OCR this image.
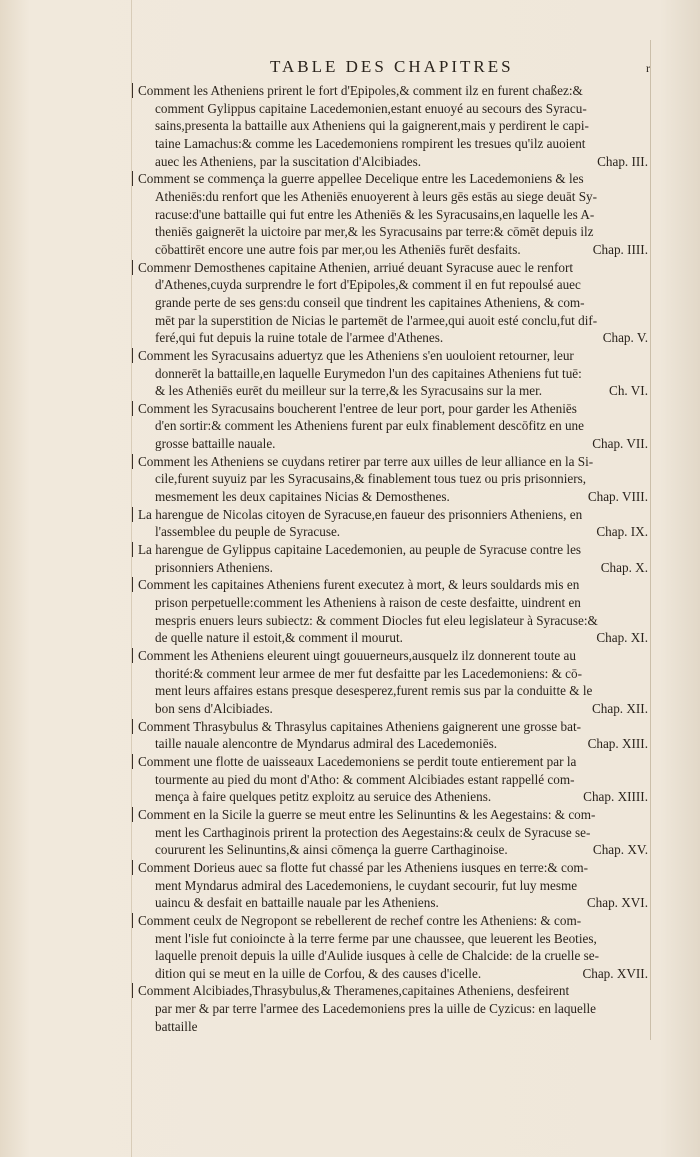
TABLE DES CHAPITRES	r
Comment les Atheniens prirent le fort d'Epipoles,& comment ilz en furent chaßez:&
comment Gylippus capitaine Lacedemonien,estant enuoyé au secours des Syracu-
sains,presenta la battaille aux Atheniens qui la gaignerent,mais y perdirent le capi-
taine Lamachus:& comme les Lacedemoniens rompirent les tresues qu'ilz auoient
auec les Atheniens, par la suscitation d'Alcibiades.	Chap. III.
Comment se commença la guerre appellee Decelique entre les Lacedemoniens & les
Atheniēs:du renfort que les Atheniēs enuoyerent à leurs gēs estās au siege deuāt Sy-
racuse:d'une battaille qui fut entre les Atheniēs & les Syracusains,en laquelle les A-
theniēs gaignerēt la uictoire par mer,& les Syracusains par terre:& cōmēt depuis ilz
cōbattirēt encore une autre fois par mer,ou les Atheniēs furēt desfaits.	Chap. IIII.
Commenr Demosthenes capitaine Athenien, arriué deuant Syracuse auec le renfort
d'Athenes,cuyda surprendre le fort d'Epipoles,& comment il en fut repoulsé auec
grande perte de ses gens:du conseil que tindrent les capitaines Atheniens, & com-
mēt par la superstition de Nicias le partemēt de l'armee,qui auoit esté conclu,fut dif-
feré,qui fut depuis la ruine totale de l'armee d'Athenes.	Chap. V.
Comment les Syracusains aduertyz que les Atheniens s'en uouloient retourner, leur
donnerēt la battaille,en laquelle Eurymedon l'un des capitaines Atheniens fut tuē:
& les Atheniēs eurēt du meilleur sur la terre,& les Syracusains sur la mer.	Ch. VI.
Comment les Syracusains boucherent l'entree de leur port, pour garder les Atheniēs
d'en sortir:& comment les Atheniens furent par eulx finablement descōfitz en une
grosse battaille nauale.	Chap. VII.
Comment les Atheniens se cuydans retirer par terre aux uilles de leur alliance en la Si-
cile,furent suyuiz par les Syracusains,& finablement tous tuez ou pris prisonniers,
mesmement les deux capitaines Nicias & Demosthenes.	Chap. VIII.
La harengue de Nicolas citoyen de Syracuse,en faueur des prisonniers Atheniens, en
l'assemblee du peuple de Syracuse.	Chap. IX.
La harengue de Gylippus capitaine Lacedemonien, au peuple de Syracuse contre les
prisonniers Atheniens.	Chap. X.
Comment les capitaines Atheniens furent executez à mort, & leurs souldards mis en
prison perpetuelle:comment les Atheniens à raison de ceste desfaitte, uindrent en
mespris enuers leurs subiectz: & comment Diocles fut eleu legislateur à Syracuse:&
de quelle nature il estoit,& comment il mourut.	Chap. XI.
Comment les Atheniens eleurent uingt gouuerneurs,ausquelz ilz donnerent toute au
thorité:& comment leur armee de mer fut desfaitte par les Lacedemoniens: & cō-
ment leurs affaires estans presque desesperez,furent remis sus par la conduitte & le
bon sens d'Alcibiades.	Chap. XII.
Comment Thrasybulus & Thrasylus capitaines Atheniens gaignerent une grosse bat-
taille nauale alencontre de Myndarus admiral des Lacedemoniēs.	Chap. XIII.
Comment une flotte de uaisseaux Lacedemoniens se perdit toute entierement par la
tourmente au pied du mont d'Atho: & comment Alcibiades estant rappellé com-
mença à faire quelques petitz exploitz au seruice des Atheniens.	Chap. XIIII.
Comment en la Sicile la guerre se meut entre les Selinuntins & les Aegestains: & com-
ment les Carthaginois prirent la protection des Aegestains:& ceulx de Syracuse se-
coururent les Selinuntins,& ainsi cōmença la guerre Carthaginoise.	Chap. XV.
Comment Dorieus auec sa flotte fut chassé par les Atheniens iusques en terre:& com-
ment Myndarus admiral des Lacedemoniens, le cuydant secourir, fut luy mesme
uaincu & desfait en battaille nauale par les Atheniens.	Chap. XVI.
Comment ceulx de Negropont se rebellerent de rechef contre les Atheniens: & com-
ment l'isle fut conioincte à la terre ferme par une chaussee, que leuerent les Beoties,
laquelle prenoit depuis la uille d'Aulide iusques à celle de Chalcide: de la cruelle se-
dition qui se meut en la uille de Corfou, & des causes d'icelle.	Chap. XVII.
Comment Alcibiades,Thrasybulus,& Theramenes,capitaines Atheniens, desfeirent
par mer & par terre l'armee des Lacedemoniens pres la uille de Cyzicus: en laquelle
battaille
